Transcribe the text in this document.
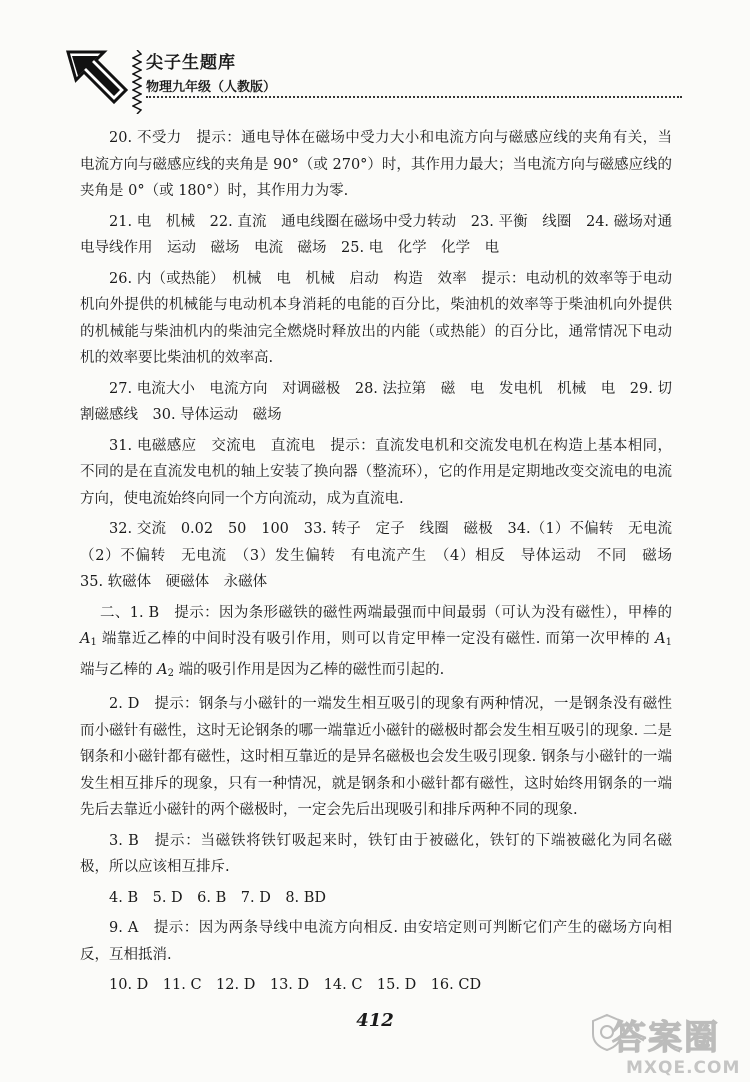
尖子生题库
物理九年级（人教版）

20. 不受力　提示：通电导体在磁场中受力大小和电流方向与磁感应线的夹角有关，当电流方向与磁感应线的夹角是 90°（或 270°）时，其作用力最大；当电流方向与磁感应线的夹角是 0°（或 180°）时，其作用力为零.

21. 电　机械　22. 直流　通电线圈在磁场中受力转动　23. 平衡　线圈　24. 磁场对通电导线作用　运动　磁场　电流　磁场　25. 电　化学　化学　电

26. 内（或热能）　机械　电　机械　启动　构造　效率　提示：电动机的效率等于电动机向外提供的机械能与电动机本身消耗的电能的百分比，柴油机的效率等于柴油机向外提供的机械能与柴油机内的柴油完全燃烧时释放出的内能（或热能）的百分比，通常情况下电动机的效率要比柴油机的效率高.

27. 电流大小　电流方向　对调磁极　28. 法拉第　磁　电　发电机　机械　电　29. 切割磁感线　30. 导体运动　磁场

31. 电磁感应　交流电　直流电　提示：直流发电机和交流发电机在构造上基本相同，不同的是在直流发电机的轴上安装了换向器（整流环），它的作用是定期地改变交流电的电流方向，使电流始终向同一个方向流动，成为直流电.

32. 交流　0.02　50　100　33. 转子　定子　线圈　磁极　34.（1）不偏转　无电流　（2）不偏转　无电流　（3）发生偏转　有电流产生　（4）相反　导体运动　不同　磁场　35. 软磁体　硬磁体　永磁体

二、1. B　提示：因为条形磁铁的磁性两端最强而中间最弱（可认为没有磁性），甲棒的 $A_1$ 端靠近乙棒的中间时没有吸引作用，则可以肯定甲棒一定没有磁性. 而第一次甲棒的 $A_1$ 端与乙棒的 $A_2$ 端的吸引作用是因为乙棒的磁性而引起的.

2. D　提示：钢条与小磁针的一端发生相互吸引的现象有两种情况，一是钢条没有磁性而小磁针有磁性，这时无论钢条的哪一端靠近小磁针的磁极时都会发生相互吸引的现象. 二是钢条和小磁针都有磁性，这时相互靠近的是异名磁极也会发生吸引现象. 钢条与小磁针的一端发生相互排斥的现象，只有一种情况，就是钢条和小磁针都有磁性，这时始终用钢条的一端先后去靠近小磁针的两个磁极时，一定会先后出现吸引和排斥两种不同的现象.

3. B　提示：当磁铁将铁钉吸起来时，铁钉由于被磁化，铁钉的下端被磁化为同名磁极，所以应该相互排斥.

4. B　5. D　6. B　7. D　8. BD

9. A　提示：因为两条导线中电流方向相反. 由安培定则可判断它们产生的磁场方向相反，互相抵消.

10. D　11. C　12. D　13. D　14. C　15. D　16. CD

412	答案圈
MXQE.COM
